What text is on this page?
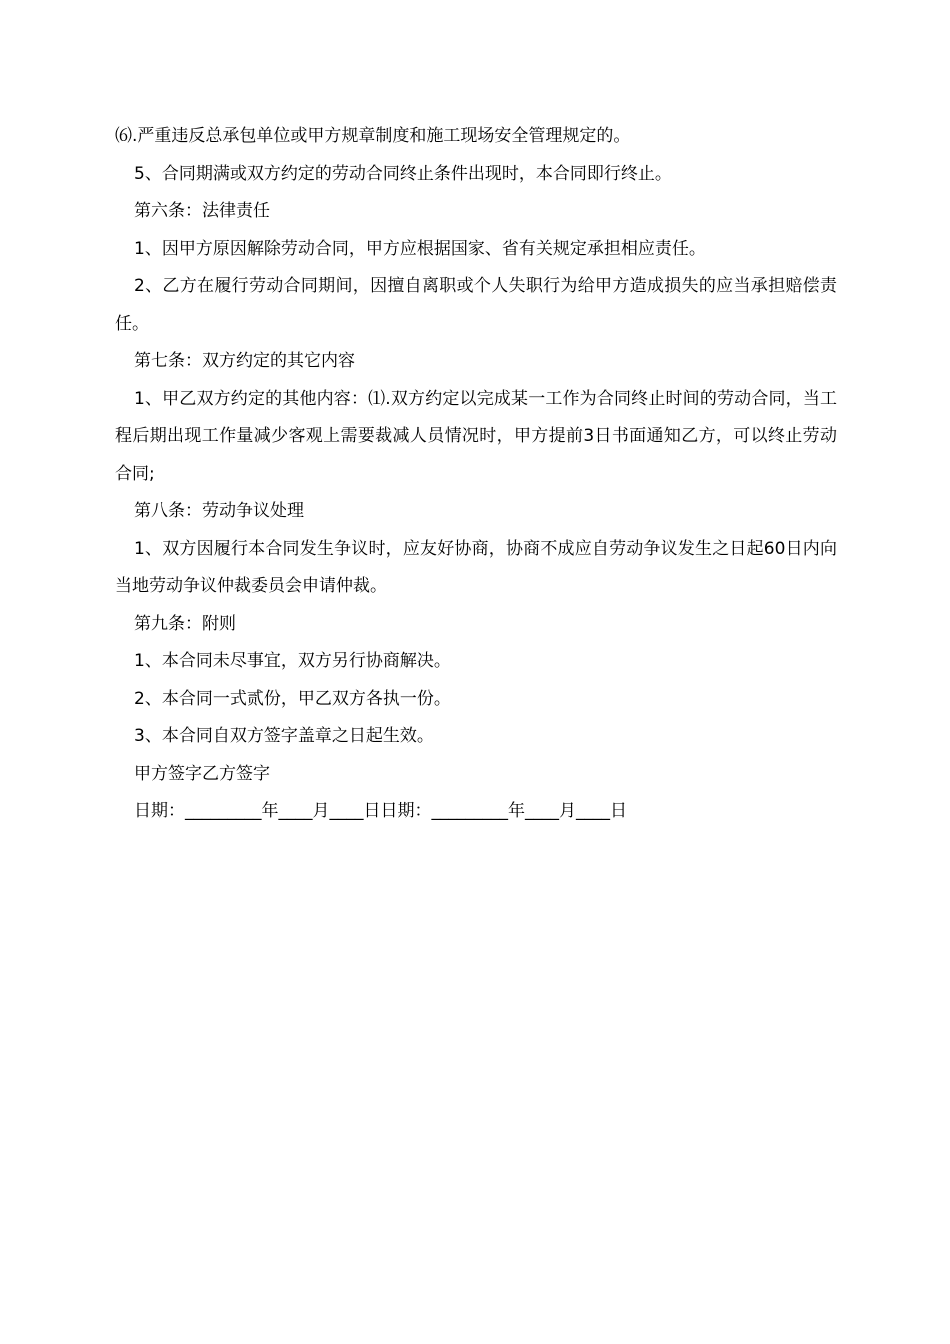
⑹.严重违反总承包单位或甲方规章制度和施工现场安全管理规定的。

5、合同期满或双方约定的劳动合同终止条件出现时，本合同即行终止。

第六条：法律责任

1、因甲方原因解除劳动合同，甲方应根据国家、省有关规定承担相应责任。

2、乙方在履行劳动合同期间，因擅自离职或个人失职行为给甲方造成损失的应当承担赔偿责任。

第七条：双方约定的其它内容

1、甲乙双方约定的其他内容：⑴.双方约定以完成某一工作为合同终止时间的劳动合同，当工程后期出现工作量减少客观上需要裁减人员情况时，甲方提前3日书面通知乙方，可以终止劳动合同;

第八条：劳动争议处理

1、双方因履行本合同发生争议时，应友好协商，协商不成应自劳动争议发生之日起60日内向当地劳动争议仲裁委员会申请仲裁。

第九条：附则

1、本合同未尽事宜，双方另行协商解决。

2、本合同一式贰份，甲乙双方各执一份。

3、本合同自双方签字盖章之日起生效。

甲方签字乙方签字

日期：_________年____月____日日期：_________年____月____日
